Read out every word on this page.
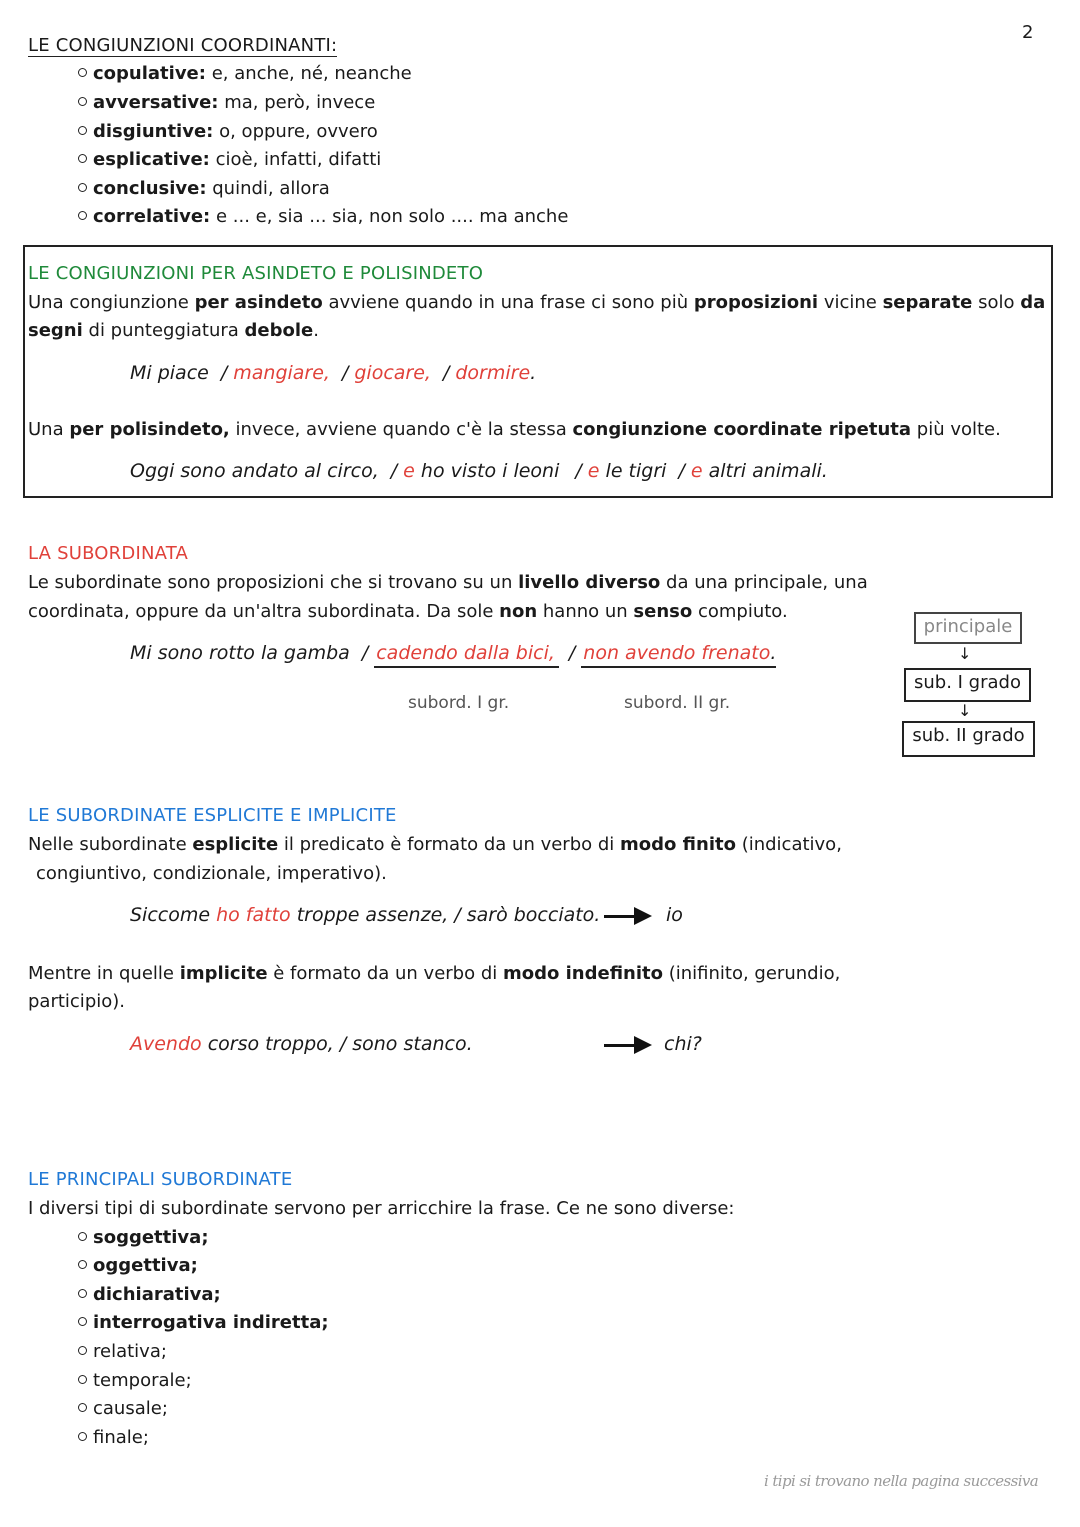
2
LE CONGIUNZIONI COORDINANTI:
copulative: e, anche, né, neanche
avversative: ma, però, invece
disgiuntive: o, oppure, ovvero
esplicative: cioè, infatti, difatti
conclusive: quindi, allora
correlative: e ... e, sia ... sia, non solo .... ma anche
LE CONGIUNZIONI PER ASINDETO E POLISINDETO
Una congiunzione per asindeto avviene quando in una frase ci sono più proposizioni vicine separate solo da
segni di punteggiatura debole.
Mi piace / mangiare, / giocare, / dormire.
Una per polisindeto, invece, avviene quando c'è la stessa congiunzione coordinate ripetuta più volte.
Oggi sono andato al circo, / e ho visto i leoni / e le tigri / e altri animali.
LA SUBORDINATA
Le subordinate sono proposizioni che si trovano su un livello diverso da una principale, una
coordinata, oppure da un'altra subordinata. Da sole non hanno un senso compiuto.
Mi sono rotto la gamba / cadendo dalla bici, / non avendo frenato.
subord. I gr.	subord. II gr.
principale
↓
sub. I grado
↓
sub. II grado
LE SUBORDINATE ESPLICITE E IMPLICITE
Nelle subordinate esplicite il predicato è formato da un verbo di modo finito (indicativo,
congiuntivo, condizionale, imperativo).
Siccome ho fatto troppe assenze, / sarò bocciato.	io
Mentre in quelle implicite è formato da un verbo di modo indefinito (inifinito, gerundio,
participio).
Avendo corso troppo, / sono stanco.	chi?
LE PRINCIPALI SUBORDINATE
I diversi tipi di subordinate servono per arricchire la frase. Ce ne sono diverse:
soggettiva;
oggettiva;
dichiarativa;
interrogativa indiretta;
relativa;
temporale;
causale;
finale;
i tipi si trovano nella pagina successiva
